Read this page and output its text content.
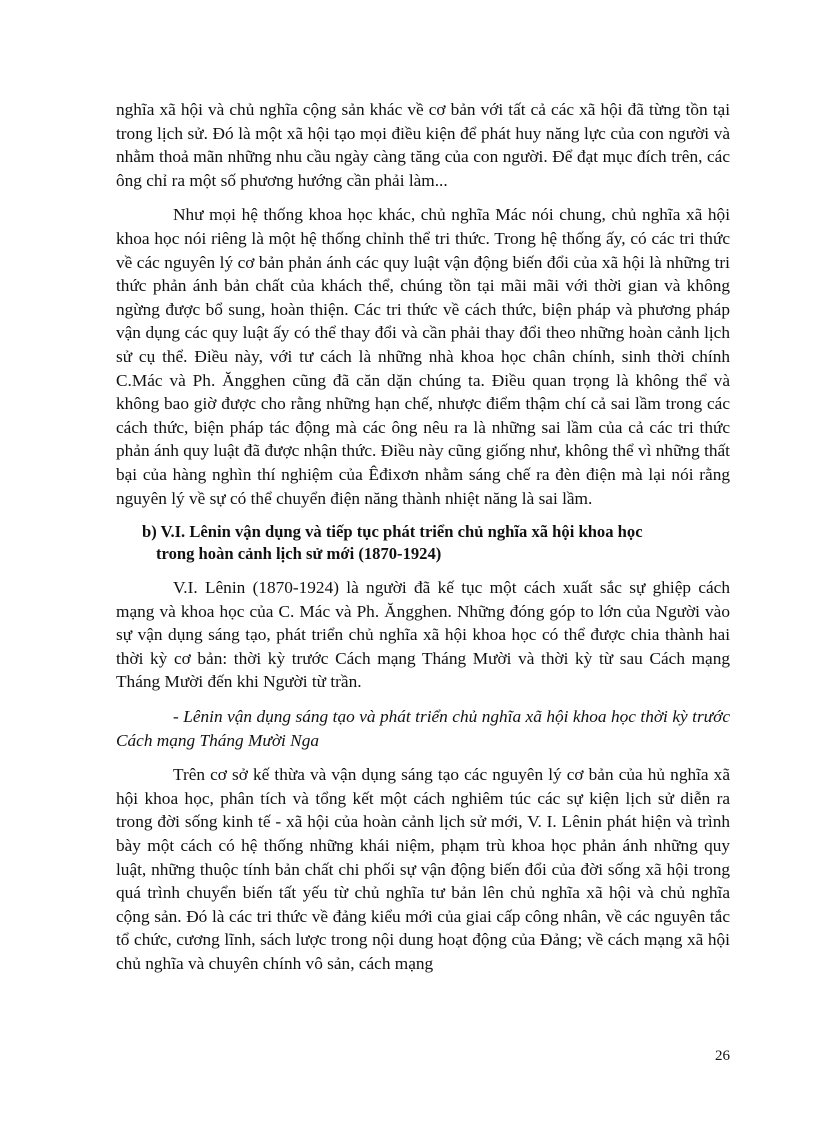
nghĩa xã hội và chủ nghĩa cộng sản khác về cơ bản với tất cả các xã hội đã từng tồn tại trong lịch sử. Đó là một xã hội tạo mọi điều kiện để phát huy năng lực của con người và nhằm thoả mãn những nhu cầu ngày càng tăng của con người. Để đạt mục đích trên, các ông chỉ ra một số phương hướng cần phải làm...

Như mọi hệ thống khoa học khác, chủ nghĩa Mác nói chung, chủ nghĩa xã hội khoa học nói riêng là một hệ thống chỉnh thể tri thức. Trong hệ thống ấy, có các tri thức về các nguyên lý cơ bản phản ánh các quy luật vận động biến đổi của xã hội là những tri thức phản ánh bản chất của khách thể, chúng tồn tại mãi mãi với thời gian và không ngừng được bổ sung, hoàn thiện. Các tri thức về cách thức, biện pháp và phương pháp vận dụng các quy luật ấy có thể thay đổi và cần phải thay đổi theo những hoàn cảnh lịch sử cụ thể. Điều này, với tư cách là những nhà khoa học chân chính, sinh thời chính C.Mác và Ph. Ăngghen cũng đã căn dặn chúng ta. Điều quan trọng là không thể và không bao giờ được cho rằng những hạn chế, nhược điểm thậm chí cả sai lầm trong các cách thức, biện pháp tác động mà các ông nêu ra là những sai lầm của cả các tri thức phản ánh quy luật đã được nhận thức. Điều này cũng giống như, không thể vì những thất bại của hàng nghìn thí nghiệm của Êđixơn nhằm sáng chế ra đèn điện mà lại nói rằng nguyên lý về sự có thể chuyển điện năng thành nhiệt năng là sai lầm.

b) V.I. Lênin vận dụng và tiếp tục phát triển chủ nghĩa xã hội khoa học
trong hoàn cảnh lịch sử mới (1870-1924)

V.I. Lênin (1870-1924) là người đã kế tục một cách xuất sắc sự ghiệp cách mạng và khoa học của C. Mác và Ph. Ăngghen. Những đóng góp to lớn của Người vào sự vận dụng sáng tạo, phát triển chủ nghĩa xã hội khoa học có thể được chia thành hai thời kỳ cơ bản: thời kỳ trước Cách mạng Tháng Mười và thời kỳ từ sau Cách mạng Tháng Mười đến khi Người từ trần.

- Lênin vận dụng sáng tạo và phát triển chủ nghĩa xã hội khoa học thời kỳ trước Cách mạng Tháng Mười Nga

Trên cơ sở kế thừa và vận dụng sáng tạo các nguyên lý cơ bản của hủ nghĩa xã hội khoa học, phân tích và tổng kết một cách nghiêm túc các sự kiện lịch sử diễn ra trong đời sống kinh tế - xã hội của hoàn cảnh lịch sử mới, V. I. Lênin phát hiện và trình bày một cách có hệ thống những khái niệm, phạm trù khoa học phản ánh những quy luật, những thuộc tính bản chất chi phối sự vận động biến đổi của đời sống xã hội trong quá trình chuyển biến tất yếu từ chủ nghĩa tư bản lên chủ nghĩa xã hội và chủ nghĩa cộng sản. Đó là các tri thức về đảng kiểu mới của giai cấp công nhân, về các nguyên tắc tổ chức, cương lĩnh, sách lược trong nội dung hoạt động của Đảng; về cách mạng xã hội chủ nghĩa và chuyên chính vô sản, cách mạng

26
